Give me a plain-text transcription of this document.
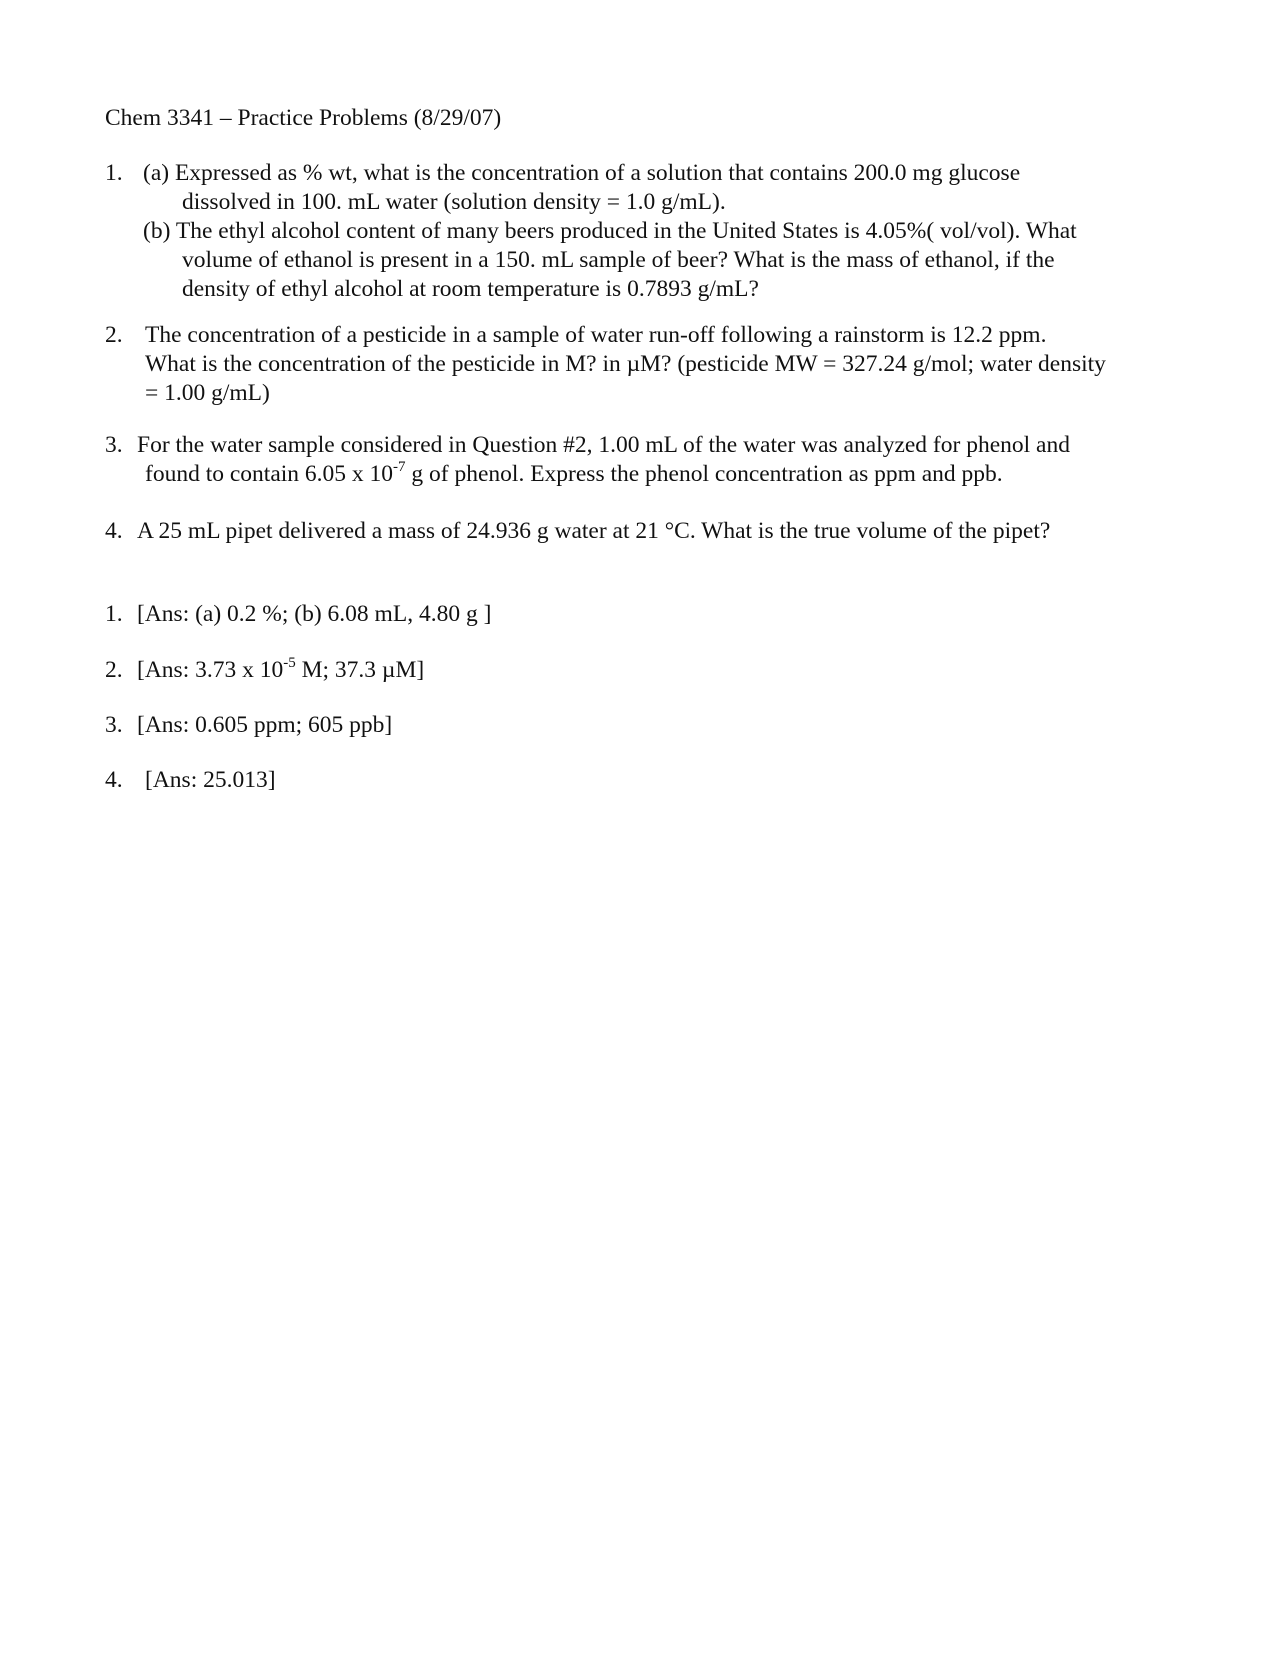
Chem 3341 – Practice Problems (8/29/07)
1. (a) Expressed as % wt, what is the concentration of a solution that contains 200.0 mg glucose
dissolved in 100. mL water (solution density = 1.0 g/mL).
(b) The ethyl alcohol content of many beers produced in the United States is 4.05%( vol/vol). What
volume of ethanol is present in a 150. mL sample of beer? What is the mass of ethanol, if the
density of ethyl alcohol at room temperature is 0.7893 g/mL?
2. The concentration of a pesticide in a sample of water run-off following a rainstorm is 12.2 ppm.
What is the concentration of the pesticide in M? in µM? (pesticide MW = 327.24 g/mol; water density
= 1.00 g/mL)
3. For the water sample considered in Question #2, 1.00 mL of the water was analyzed for phenol and
found to contain 6.05 x $10^{-7}$ g of phenol. Express the phenol concentration as ppm and ppb.
4. A 25 mL pipet delivered a mass of 24.936 g water at 21 °C. What is the true volume of the pipet?
1. [Ans: (a) 0.2 %; (b) 6.08 mL, 4.80 g ]
2. [Ans: 3.73 x $10^{-5}$ M; 37.3 µM]
3. [Ans: 0.605 ppm; 605 ppb]
4. [Ans: 25.013]
